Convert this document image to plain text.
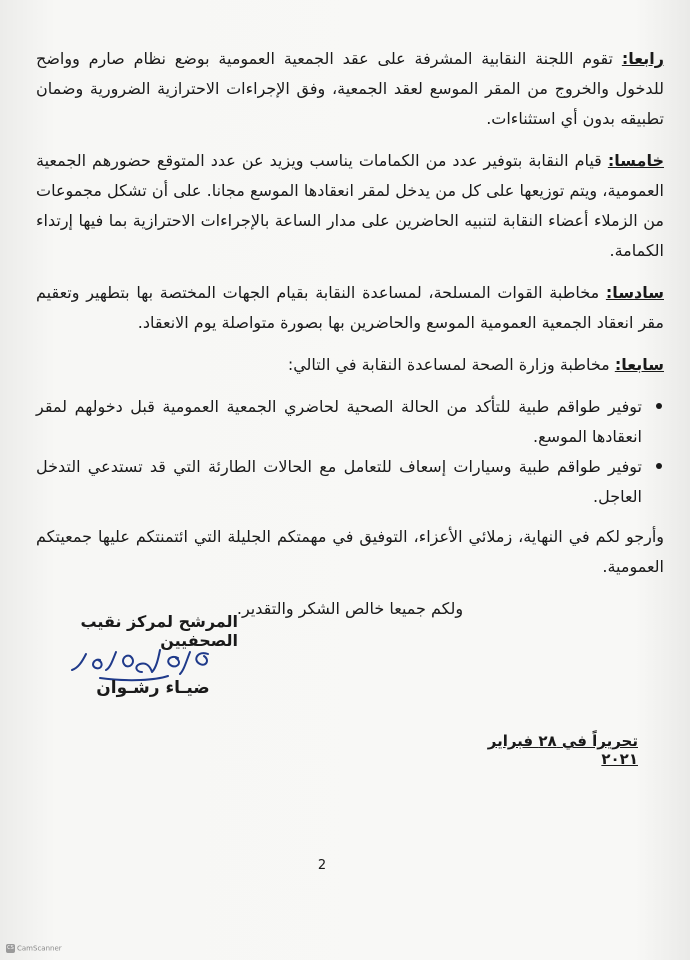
رابعا: تقوم اللجنة النقابية المشرفة على عقد الجمعية العمومية بوضع نظام صارم وواضح للدخول والخروج من المقر الموسع لعقد الجمعية، وفق الإجراءات الاحترازية الضرورية وضمان تطبيقه بدون أي استثناءات.

خامسا: قيام النقابة بتوفير عدد من الكمامات يناسب ويزيد عن عدد المتوقع حضورهم الجمعية العمومية، ويتم توزيعها على كل من يدخل لمقر انعقادها الموسع مجانا. على أن تشكل مجموعات من الزملاء أعضاء النقابة لتنبيه الحاضرين على مدار الساعة بالإجراءات الاحترازية بما فيها إرتداء الكمامة.

سادسا: مخاطبة القوات المسلحة، لمساعدة النقابة بقيام الجهات المختصة بها بتطهير وتعقيم مقر انعقاد الجمعية العمومية الموسع والحاضرين بها بصورة متواصلة يوم الانعقاد.

سابعا: مخاطبة وزارة الصحة لمساعدة النقابة في التالي:

توفير طواقم طبية للتأكد من الحالة الصحية لحاضري الجمعية العمومية قبل دخولهم لمقر انعقادها الموسع.
توفير طواقم طبية وسيارات إسعاف للتعامل مع الحالات الطارئة التي قد تستدعي التدخل العاجل.

وأرجو لكم في النهاية، زملائي الأعزاء، التوفيق في مهمتكم الجليلة التي ائتمنتكم عليها جمعيتكم العمومية.

ولكم جميعا خالص الشكر والتقدير.

المرشح لمركز نقيب الصحفيين
ضيـاء رشـوان
تحريراً في ٢٨ فبراير ٢٠٢١
2
CS CamScanner
